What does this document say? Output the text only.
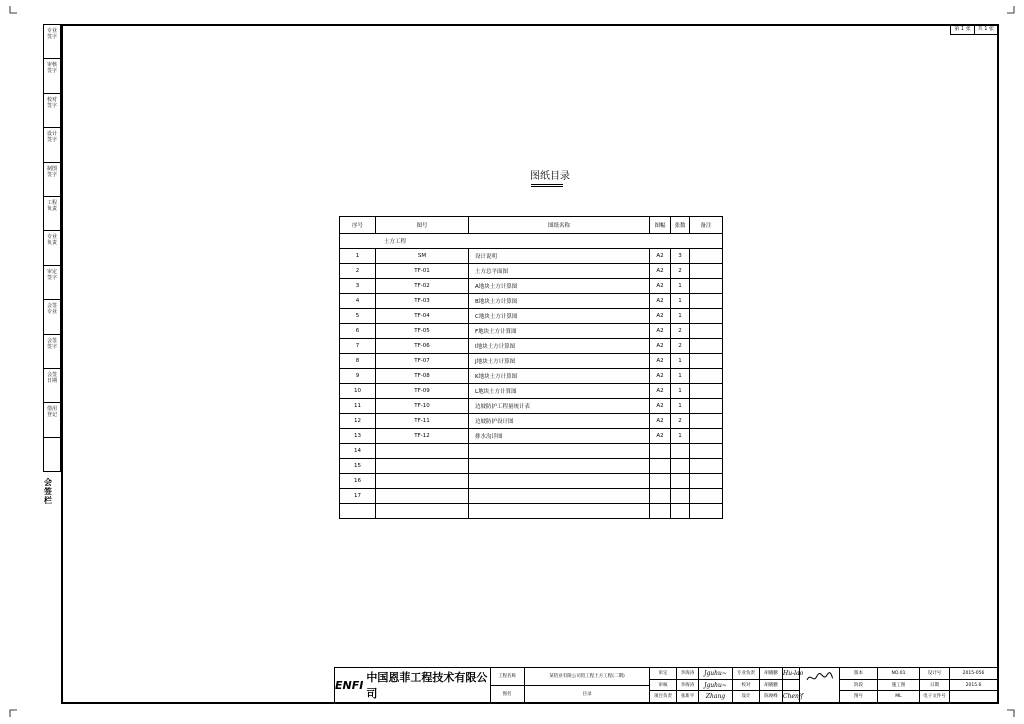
第 1 张	共 1 张
专业
签字
审核
签字
校对
签字
设计
签字
制图
签字
工程
负责
专业
负责
审定
签字
会签
专业
会签
签字
会签
日期
借用
登记
会签栏
图纸目录
序号	图号	图纸名称	图幅	张数	备注
土方工程					
1	SM	设计说明	A2	3	
2	TF-01	土方总平面图	A2	2	
3	TF-02	A地块土方计算图	A2	1	
4	TF-03	B地块土方计算图	A2	1	
5	TF-04	C地块土方计算图	A2	1	
6	TF-05	F地块土方计算图	A2	2	
7	TF-06	I地块土方计算图	A2	2	
8	TF-07	J地块土方计算图	A2	1	
9	TF-08	K地块土方计算图	A2	1	
10	TF-09	L地块土方计算图	A2	1	
11	TF-10	边坡防护工程量统计表	A2	1	
12	TF-11	边坡防护设计图	A2	2	
13	TF-12	排水沟详图	A2	1	
14					
15					
16					
17					

ENFI
中国恩菲工程技术有限公司
工程名称	某铝业有限公司铝工程土方工程(二期)
图名	目录
审定	李海涛	Jguhu~
审核	李海涛	Jguhu~
项目负责	张新平	Zhang
专业负责	胡晓鹏 Hu-lao
校对	胡晓鹏
设计	陈俊峰 Chenjf
版本	NO.01	设计号	2015-056
阶段	施工图	日期	2015.6
图号	ML	电子文件号
